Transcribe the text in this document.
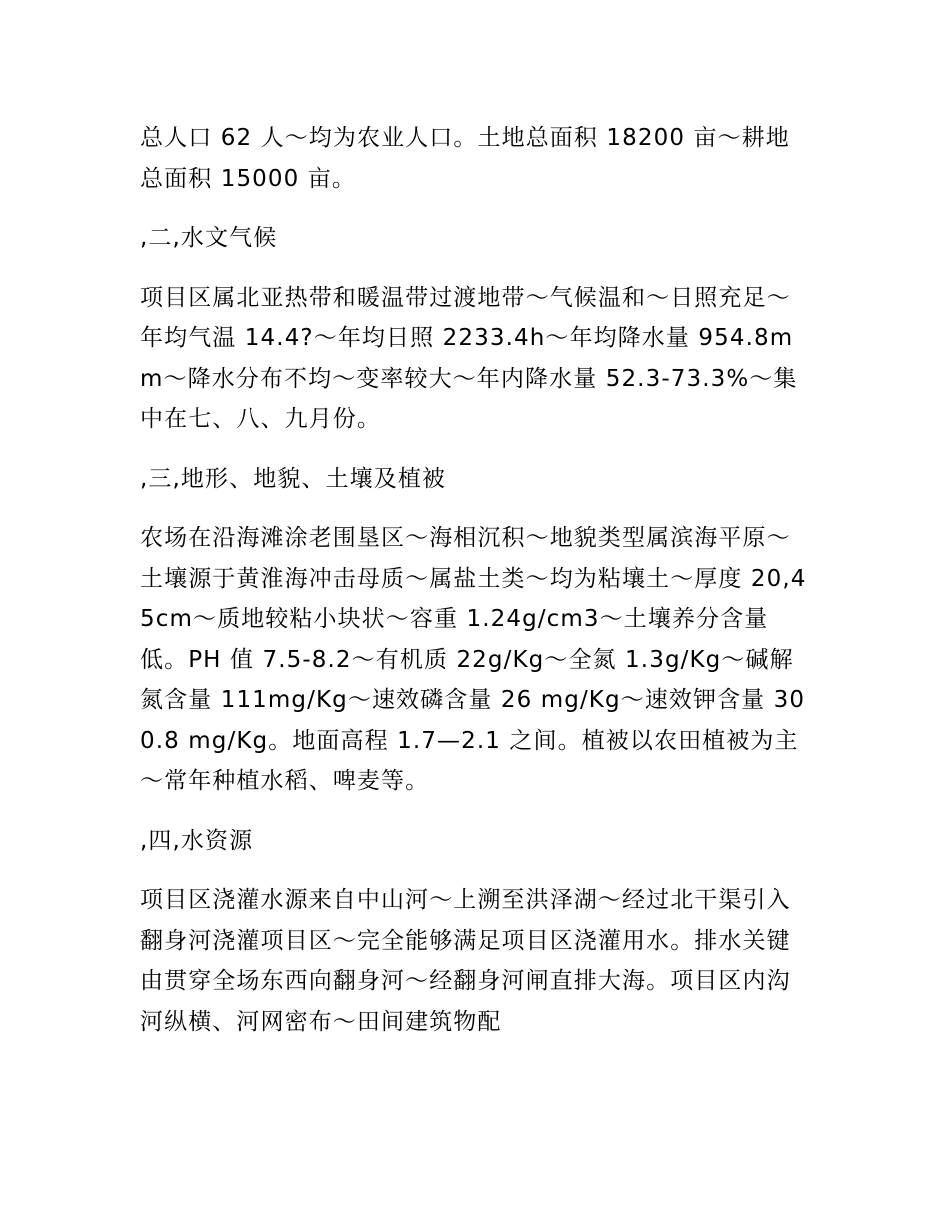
总人口 62 人～均为农业人口。土地总面积 18200 亩～耕地总面积 15000 亩。

,二,水文气候

项目区属北亚热带和暖温带过渡地带～气候温和～日照充足～年均气温 14.4?～年均日照 2233.4h～年均降水量 954.8mm～降水分布不均～变率较大～年内降水量 52.3-73.3%～集中在七、八、九月份。

,三,地形、地貌、土壤及植被

农场在沿海滩涂老围垦区～海相沉积～地貌类型属滨海平原～土壤源于黄淮海冲击母质～属盐土类～均为粘壤土～厚度 20,45cm～质地较粘小块状～容重 1.24g/cm3～土壤养分含量低。PH 值 7.5-8.2～有机质 22g/Kg～全氮 1.3g/Kg～碱解氮含量 111mg/Kg～速效磷含量 26 mg/Kg～速效钾含量 300.8 mg/Kg。地面高程 1.7—2.1 之间。植被以农田植被为主～常年种植水稻、啤麦等。

,四,水资源

项目区浇灌水源来自中山河～上溯至洪泽湖～经过北干渠引入翻身河浇灌项目区～完全能够满足项目区浇灌用水。排水关键由贯穿全场东西向翻身河～经翻身河闸直排大海。项目区内沟河纵横、河网密布～田间建筑物配
